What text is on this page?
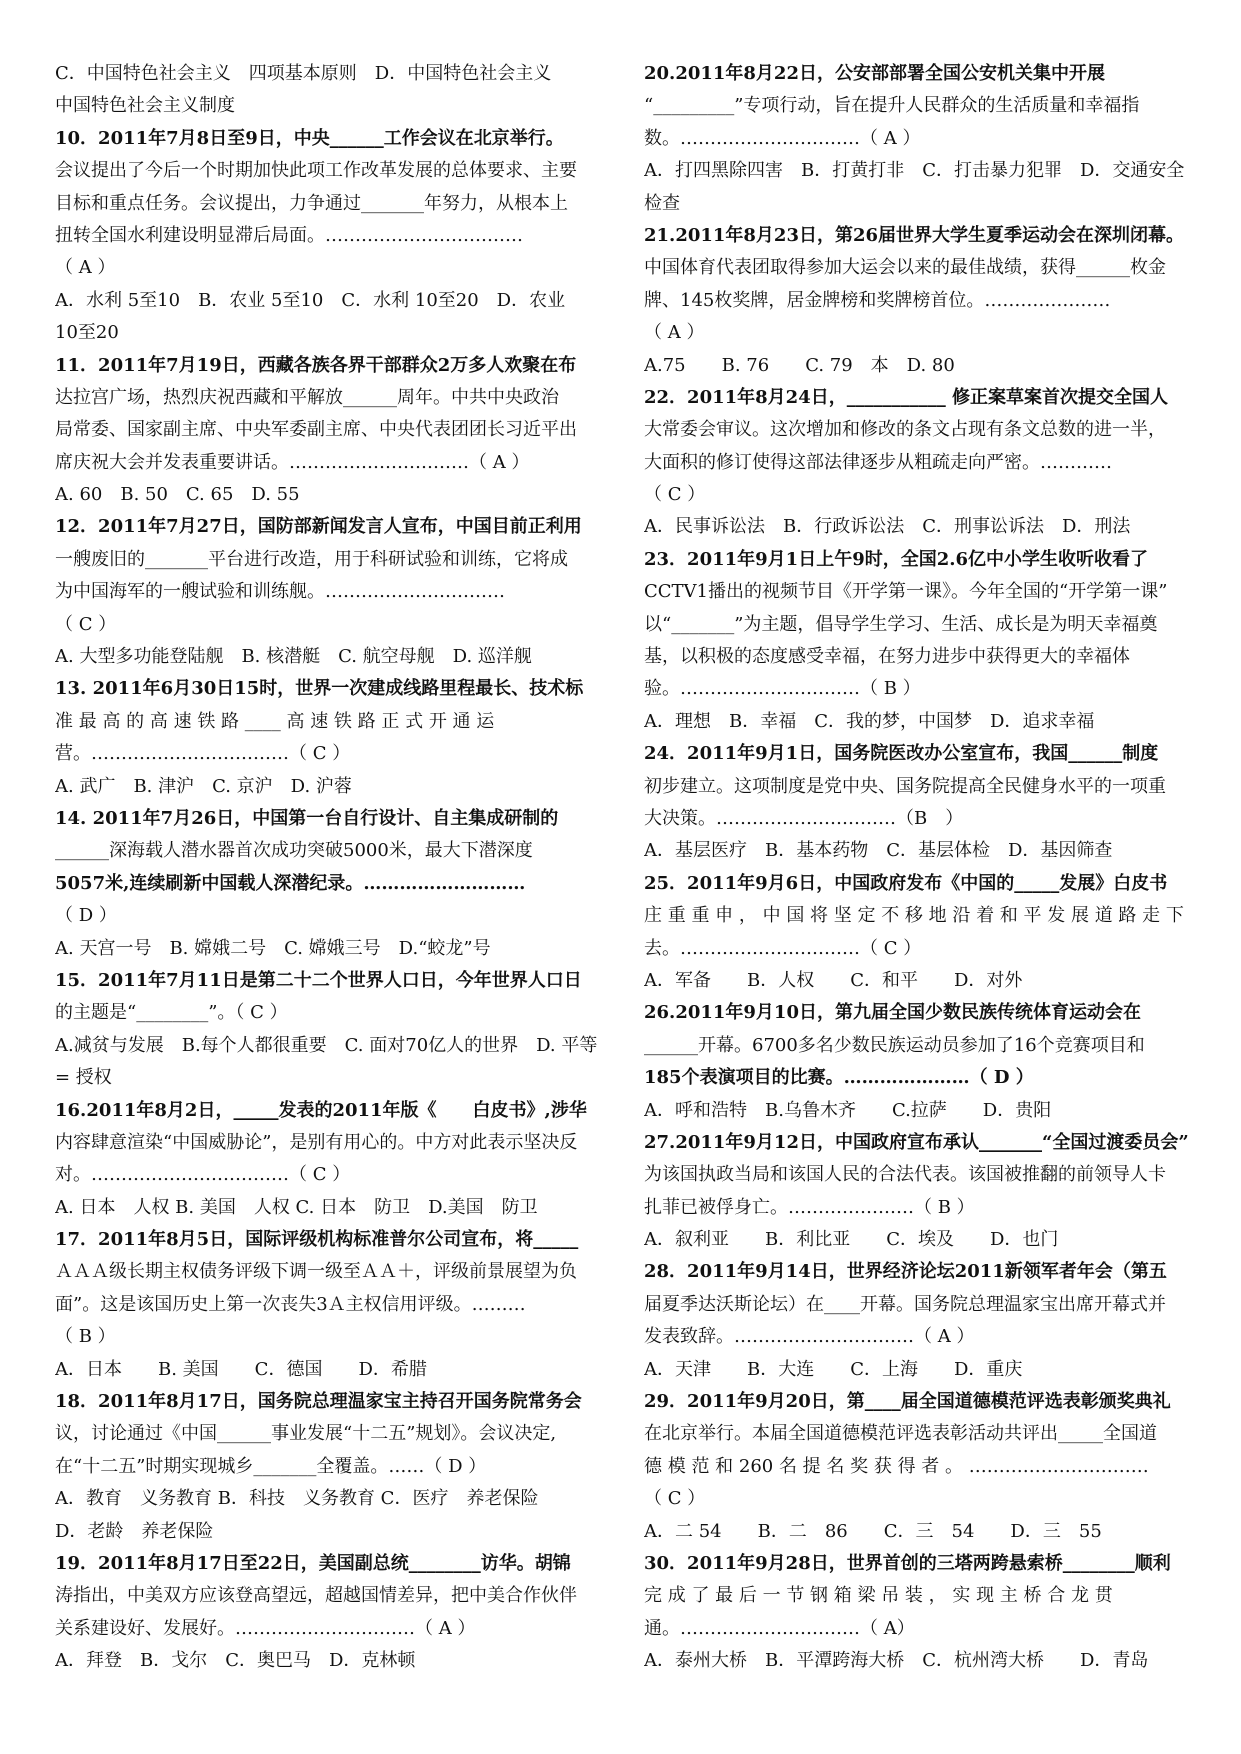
C．中国特色社会主义　四项基本原则　D．中国特色社会主义
中国特色社会主义制度
10．2011年7月8日至9日，中央______工作会议在北京举行。
会议提出了今后一个时期加快此项工作改革发展的总体要求、主要
目标和重点任务。会议提出，力争通过_______年努力，从根本上
扭转全国水利建设明显滞后局面。……………………………
（ A ）
A．水利 5至10　B．农业 5至10　C．水利 10至20　D．农业
10至20
11．2011年7月19日，西藏各族各界干部群众2万多人欢聚在布
达拉宫广场，热烈庆祝西藏和平解放______周年。中共中央政治
局常委、国家副主席、中央军委副主席、中央代表团团长习近平出
席庆祝大会并发表重要讲话。…………………………（ A ）
A. 60　B. 50　C. 65　D. 55
12．2011年7月27日，国防部新闻发言人宣布，中国目前正利用
一艘废旧的_______平台进行改造，用于科研试验和训练，它将成
为中国海军的一艘试验和训练舰。…………………………
（ C ）
A. 大型多功能登陆舰　B. 核潜艇　C. 航空母舰　D. 巡洋舰
13. 2011年6月30日15时，世界一次建成线路里程最长、技术标
准 最 高 的 高 速 铁 路 ____ 高 速 铁 路 正 式 开 通 运
营。……………………………（ C ）
A. 武广　B. 津沪　C. 京沪　D. 沪蓉
14. 2011年7月26日，中国第一台自行设计、自主集成研制的
______深海载人潜水器首次成功突破5000米，最大下潜深度
5057米,连续刷新中国载人深潜纪录。………………………
（ D ）
A. 天宫一号　B. 嫦娥二号　C. 嫦娥三号　D.“蛟龙”号
15．2011年7月11日是第二十二个世界人口日，今年世界人口日
的主题是“________”。（ C ）
A.减贫与发展　B.每个人都很重要　C. 面对70亿人的世界　D. 平等
= 授权
16.2011年8月2日，_____发表的2011年版《　　白皮书》,涉华
内容肆意渲染“中国威胁论”，是别有用心的。中方对此表示坚决反
对。……………………………（ C ）
A. 日本　人权 B. 美国　人权 C. 日本　防卫　D.美国　防卫
17．2011年8月5日，国际评级机构标准普尔公司宣布，将_____
ＡＡＡ级长期主权债务评级下调一级至ＡＡ＋，评级前景展望为负
面”。这是该国历史上第一次丧失3Ａ主权信用评级。………
（ B ）
A．日本　　B. 美国　　C．德国　　D．希腊
18．2011年8月17日，国务院总理温家宝主持召开国务院常务会
议，讨论通过《中国______事业发展“十二五”规划》。会议决定,
在“十二五”时期实现城乡_______全覆盖。……（ D ）
A．教育　义务教育 B．科技　义务教育 C．医疗　养老保险
D．老龄　养老保险
19．2011年8月17日至22日，美国副总统________访华。胡锦
涛指出，中美双方应该登高望远，超越国情差异，把中美合作伙伴
关系建设好、发展好。…………………………（ A ）
A．拜登　B．戈尔　C．奥巴马　D．克林顿
20.2011年8月22日，公安部部署全国公安机关集中开展
“_________”专项行动，旨在提升人民群众的生活质量和幸福指
数。…………………………（ A ）
A．打四黑除四害　B．打黄打非　C．打击暴力犯罪　D．交通安全
检查
21.2011年8月23日，第26届世界大学生夏季运动会在深圳闭幕。
中国体育代表团取得参加大运会以来的最佳战绩，获得______枚金
牌、145枚奖牌，居金牌榜和奖牌榜首位。…………………
（ A ）
A.75　　B. 76　　C. 79　本　D. 80
22．2011年8月24日，___________ 修正案草案首次提交全国人
大常委会审议。这次增加和修改的条文占现有条文总数的进一半，
大面积的修订使得这部法律逐步从粗疏走向严密。…………
（ C ）
A．民事诉讼法　B．行政诉讼法　C．刑事讼诉法　D．刑法
23．2011年9月1日上午9时，全国2.6亿中小学生收听收看了
CCTV1播出的视频节目《开学第一课》。今年全国的“开学第一课”
以“_______”为主题，倡导学生学习、生活、成长是为明天幸福奠
基，以积极的态度感受幸福，在努力进步中获得更大的幸福体
验。…………………………（ B ）
A．理想　B．幸福　C．我的梦，中国梦　D．追求幸福
24．2011年9月1日，国务院医改办公室宣布，我国______制度
初步建立。这项制度是党中央、国务院提高全民健身水平的一项重
大决策。…………………………（B　）
A．基层医疗　B．基本药物　C．基层体检　D．基因筛查
25．2011年9月6日，中国政府发布《中国的_____发展》白皮书
庄 重 重 申 ， 中 国 将 坚 定 不 移 地 沿 着 和 平 发 展 道 路 走 下
去。…………………………（ C ）
A．军备　　B．人权　　C．和平　　D．对外
26.2011年9月10日，第九届全国少数民族传统体育运动会在
______开幕。6700多名少数民族运动员参加了16个竞赛项目和
185个表演项目的比赛。…………………（ D ）
A．呼和浩特　B.乌鲁木齐　　C.拉萨　　D．贵阳
27.2011年9月12日，中国政府宣布承认_______“全国过渡委员会”
为该国执政当局和该国人民的合法代表。该国被推翻的前领导人卡
扎菲已被俘身亡。…………………（ B ）
A．叙利亚　　B．利比亚　　C．埃及　　D．也门
28．2011年9月14日，世界经济论坛2011新领军者年会（第五
届夏季达沃斯论坛）在____开幕。国务院总理温家宝出席开幕式并
发表致辞。…………………………（ A ）
A．天津　　B．大连　　C．上海　　D．重庆
29．2011年9月20日，第____届全国道德模范评选表彰颁奖典礼
在北京举行。本届全国道德模范评选表彰活动共评出_____全国道
德 模 范 和 260 名 提 名 奖 获 得 者 。 …………………………
（ C ）
A．二 54　　B．二　86　　C．三　54　　D．三　55
30．2011年9月28日，世界首创的三塔两跨悬索桥________顺利
完 成 了 最 后 一 节 钢 箱 梁 吊 装 ， 实 现 主 桥 合 龙 贯
通。…………………………（ A）
A．泰州大桥　B．平潭跨海大桥　C．杭州湾大桥　　D．青岛
